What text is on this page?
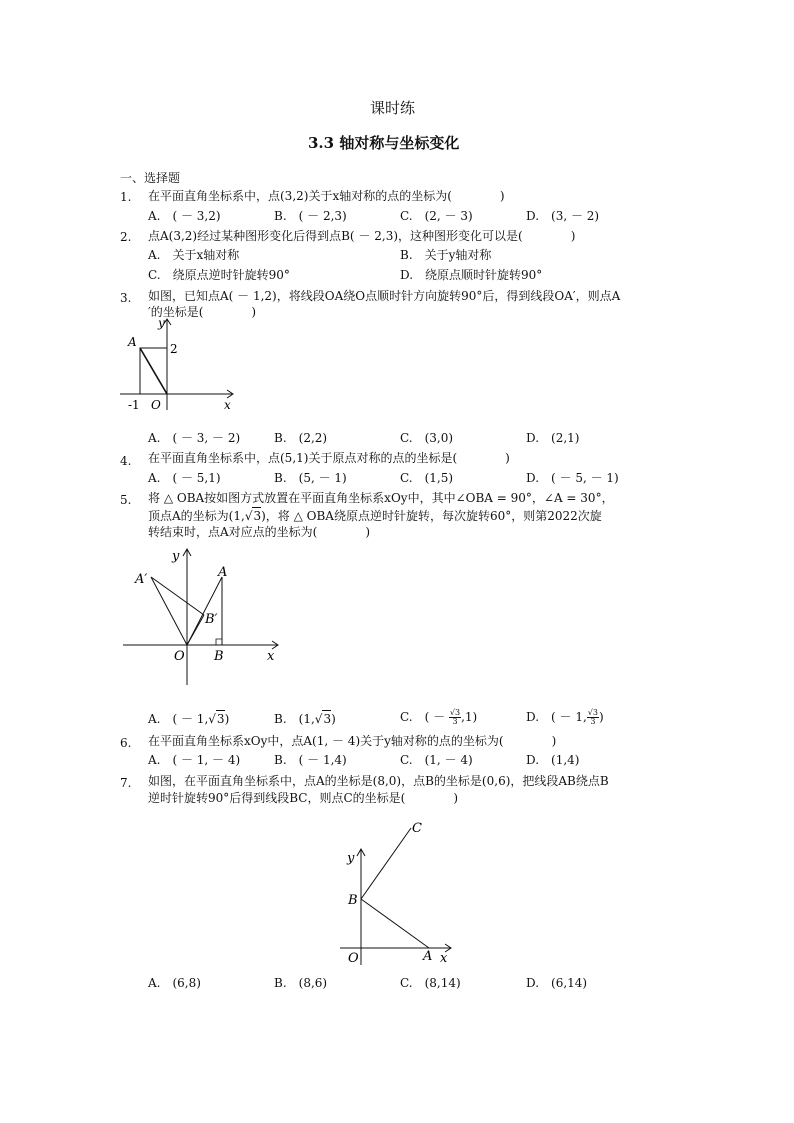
课时练
3.3 轴对称与坐标变化
一、选择题
1. 在平面直角坐标系中，点(3,2)关于x轴对称的点的坐标为(　　　　)
A.　( － 3,2)	B.　( － 2,3)	C.　(2, － 3)	D.　(3, － 2)
2. 点A(3,2)经过某种图形变化后得到点B( － 2,3)，这种图形变化可以是(　　　　)
A.　关于x轴对称	B.　关于y轴对称
C.　绕原点逆时针旋转90°	D.　绕原点顺时针旋转90°
3. 如图，已知点A( － 1,2)，将线段OA绕O点顺时针方向旋转90°后，得到线段OA′，则点A
′的坐标是(　　　　)
A	2
-1 O	x
y
A.　( － 3, － 2)	B.　(2,2)	C.　(3,0)	D.　(2,1)
4. 在平面直角坐标系中，点(5,1)关于原点对称的点的坐标是(　　　　)
A.　( － 5,1)	B.　(5, － 1)	C.　(1,5)	D.　( － 5, － 1)
5. 将 △ OBA按如图方式放置在平面直角坐标系xOy中，其中∠OBA = 90°，∠A = 30°，
顶点A的坐标为(1,√3)，将 △ OBA绕原点逆时针旋转，每次旋转60°，则第2022次旋
转结束时，点A对应点的坐标为(　　　　)
y
A′	A
B′
O B	x
A.　 ( － 1,√3)	B.　 (1,√3)	C.　 ( － $\frac{√3}{3} ,1$)	D.　 ( － 1, $\frac{√3}{3}$ )
6. 在平面直角坐标系xOy中，点A(1, － 4)关于y轴对称的点的坐标为(　　　　)
A.　( － 1, － 4)	B.　( － 1,4)	C.　(1, － 4)	D.　(1,4)
7. 如图，在平面直角坐标系中，点A的坐标是(8,0)，点B的坐标是(0,6)，把线段AB绕点B
逆时针旋转90°后得到线段BC，则点C的坐标是(　　　　)
C
y
B
O	A x
A.　(6,8)	B.　(8,6)	C.　(8,14)	D.　(6,14)
